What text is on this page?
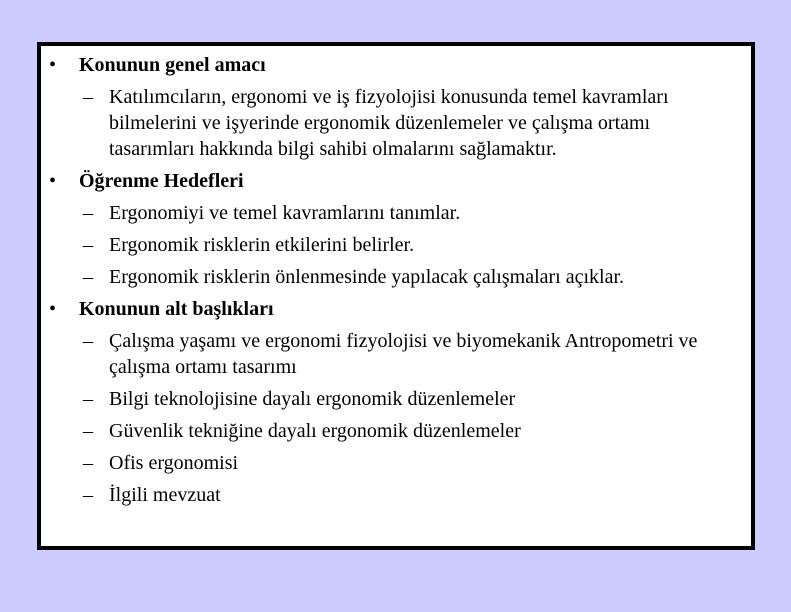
• Konunun genel amacı
– Katılımcıların, ergonomi ve iş fizyolojisi konusunda temel kavramları bilmelerini ve işyerinde ergonomik düzenlemeler ve çalışma ortamı tasarımları hakkında bilgi sahibi olmalarını sağlamaktır.
• Öğrenme Hedefleri
– Ergonomiyi ve temel kavramlarını tanımlar.
– Ergonomik risklerin etkilerini belirler.
– Ergonomik risklerin önlenmesinde yapılacak çalışmaları açıklar.
• Konunun alt başlıkları
– Çalışma yaşamı ve ergonomi fizyolojisi ve biyomekanik Antropometri ve çalışma ortamı tasarımı
– Bilgi teknolojisine dayalı ergonomik düzenlemeler
– Güvenlik tekniğine dayalı ergonomik düzenlemeler
– Ofis ergonomisi
– İlgili mevzuat
